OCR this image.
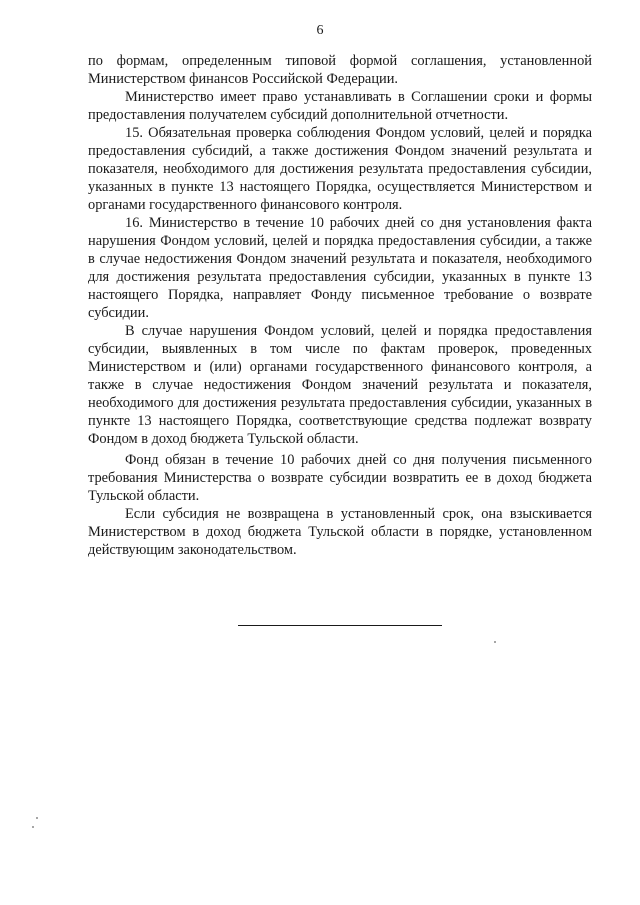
6

по формам, определенным типовой формой соглашения, установленной Министерством финансов Российской Федерации.

Министерство имеет право устанавливать в Соглашении сроки и формы предоставления получателем субсидий дополнительной отчетности.

15. Обязательная проверка соблюдения Фондом условий, целей и порядка предоставления субсидий, а также достижения Фондом значений результата и показателя, необходимого для достижения результата предоставления субсидии, указанных в пункте 13 настоящего Порядка, осуществляется Министерством и органами государственного финансового контроля.

16. Министерство в течение 10 рабочих дней со дня установления факта нарушения Фондом условий, целей и порядка предоставления субсидии, а также в случае недостижения Фондом значений результата и показателя, необходимого для достижения результата предоставления субсидии, указанных в пункте 13 настоящего Порядка, направляет Фонду письменное требование о возврате субсидии.

В случае нарушения Фондом условий, целей и порядка предоставления субсидии, выявленных в том числе по фактам проверок, проведенных Министерством и (или) органами государственного финансового контроля, а также в случае недостижения Фондом значений результата и показателя, необходимого для достижения результата предоставления субсидии, указанных в пункте 13 настоящего Порядка, соответствующие средства подлежат возврату Фондом в доход бюджета Тульской области.

Фонд обязан в течение 10 рабочих дней со дня получения письменного требования Министерства о возврате субсидии возвратить ее в доход бюджета Тульской области.

Если субсидия не возвращена в установленный срок, она взыскивается Министерством в доход бюджета Тульской области в порядке, установленном действующим законодательством.
